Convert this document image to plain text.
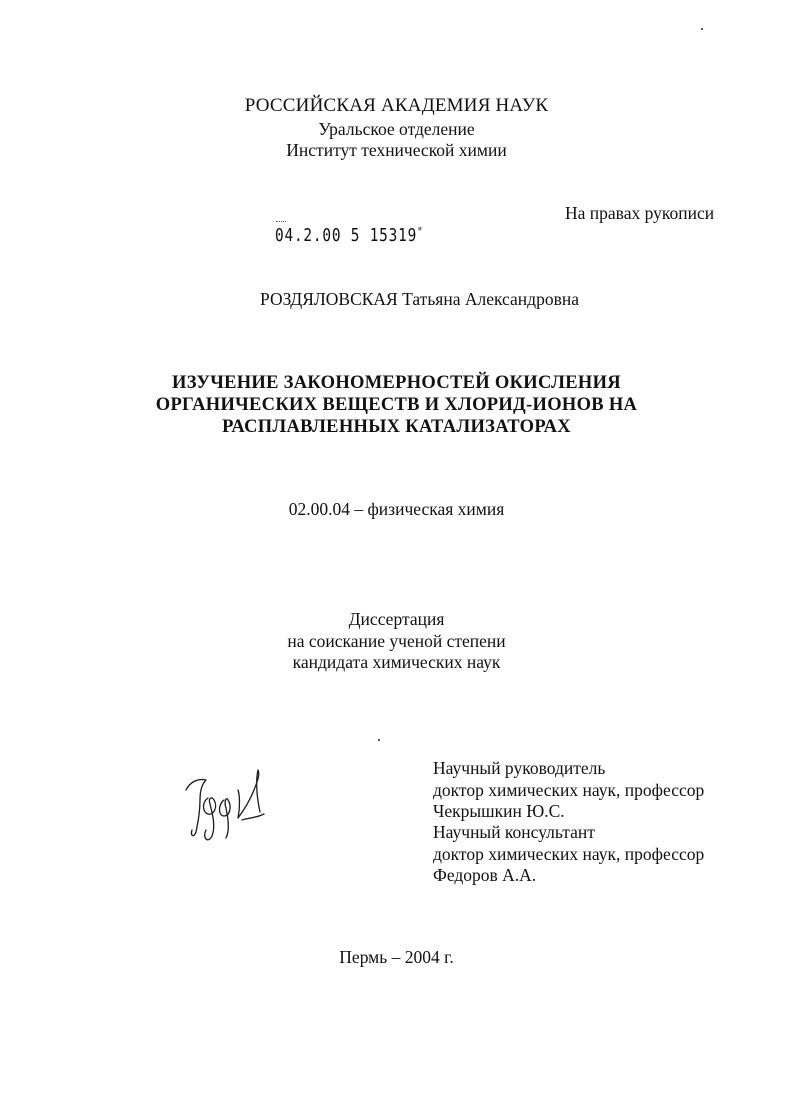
РОССИЙСКАЯ АКАДЕМИЯ НАУК
Уральское отделение
Институт технической химии
На правах рукописи
04.2.00 5 15319"
РОЗДЯЛОВСКАЯ Татьяна Александровна
ИЗУЧЕНИЕ ЗАКОНОМЕРНОСТЕЙ ОКИСЛЕНИЯ
ОРГАНИЧЕСКИХ ВЕЩЕСТВ И ХЛОРИД-ИОНОВ НА
РАСПЛАВЛЕННЫХ КАТАЛИЗАТОРАХ
02.00.04 – физическая химия
Диссертация
на соискание ученой степени
кандидата химических наук
Научный руководитель
доктор химических наук, профессор
Чекрышкин Ю.С.
Научный консультант
доктор химических наук, профессор
Федоров А.А.
Пермь – 2004 г.
